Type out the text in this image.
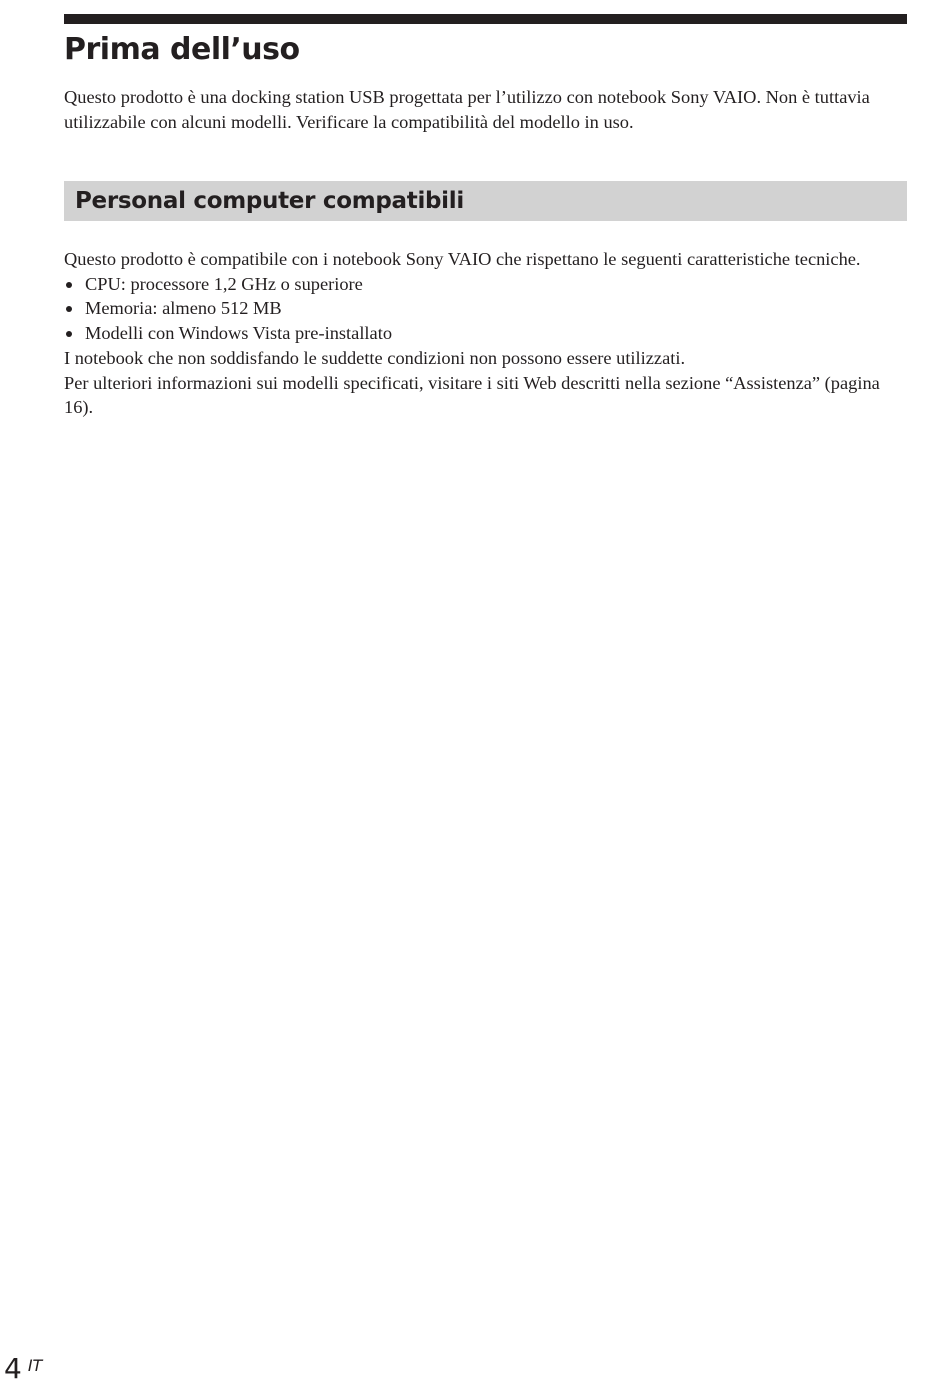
Prima dell’uso

Questo prodotto è una docking station USB progettata per l’utilizzo con notebook Sony VAIO. Non è tuttavia utilizzabile con alcuni modelli. Verificare la compatibilità del modello in uso.

Personal computer compatibili

Questo prodotto è compatibile con i notebook Sony VAIO che rispettano le seguenti caratteristiche tecniche.

CPU: processore 1,2 GHz o superiore
Memoria: almeno 512 MB
Modelli con Windows Vista pre-installato

I notebook che non soddisfando le suddette condizioni non possono essere utilizzati.

Per ulteriori informazioni sui modelli specificati, visitare i siti Web descritti nella sezione “Assistenza” (pagina 16).

4 IT
